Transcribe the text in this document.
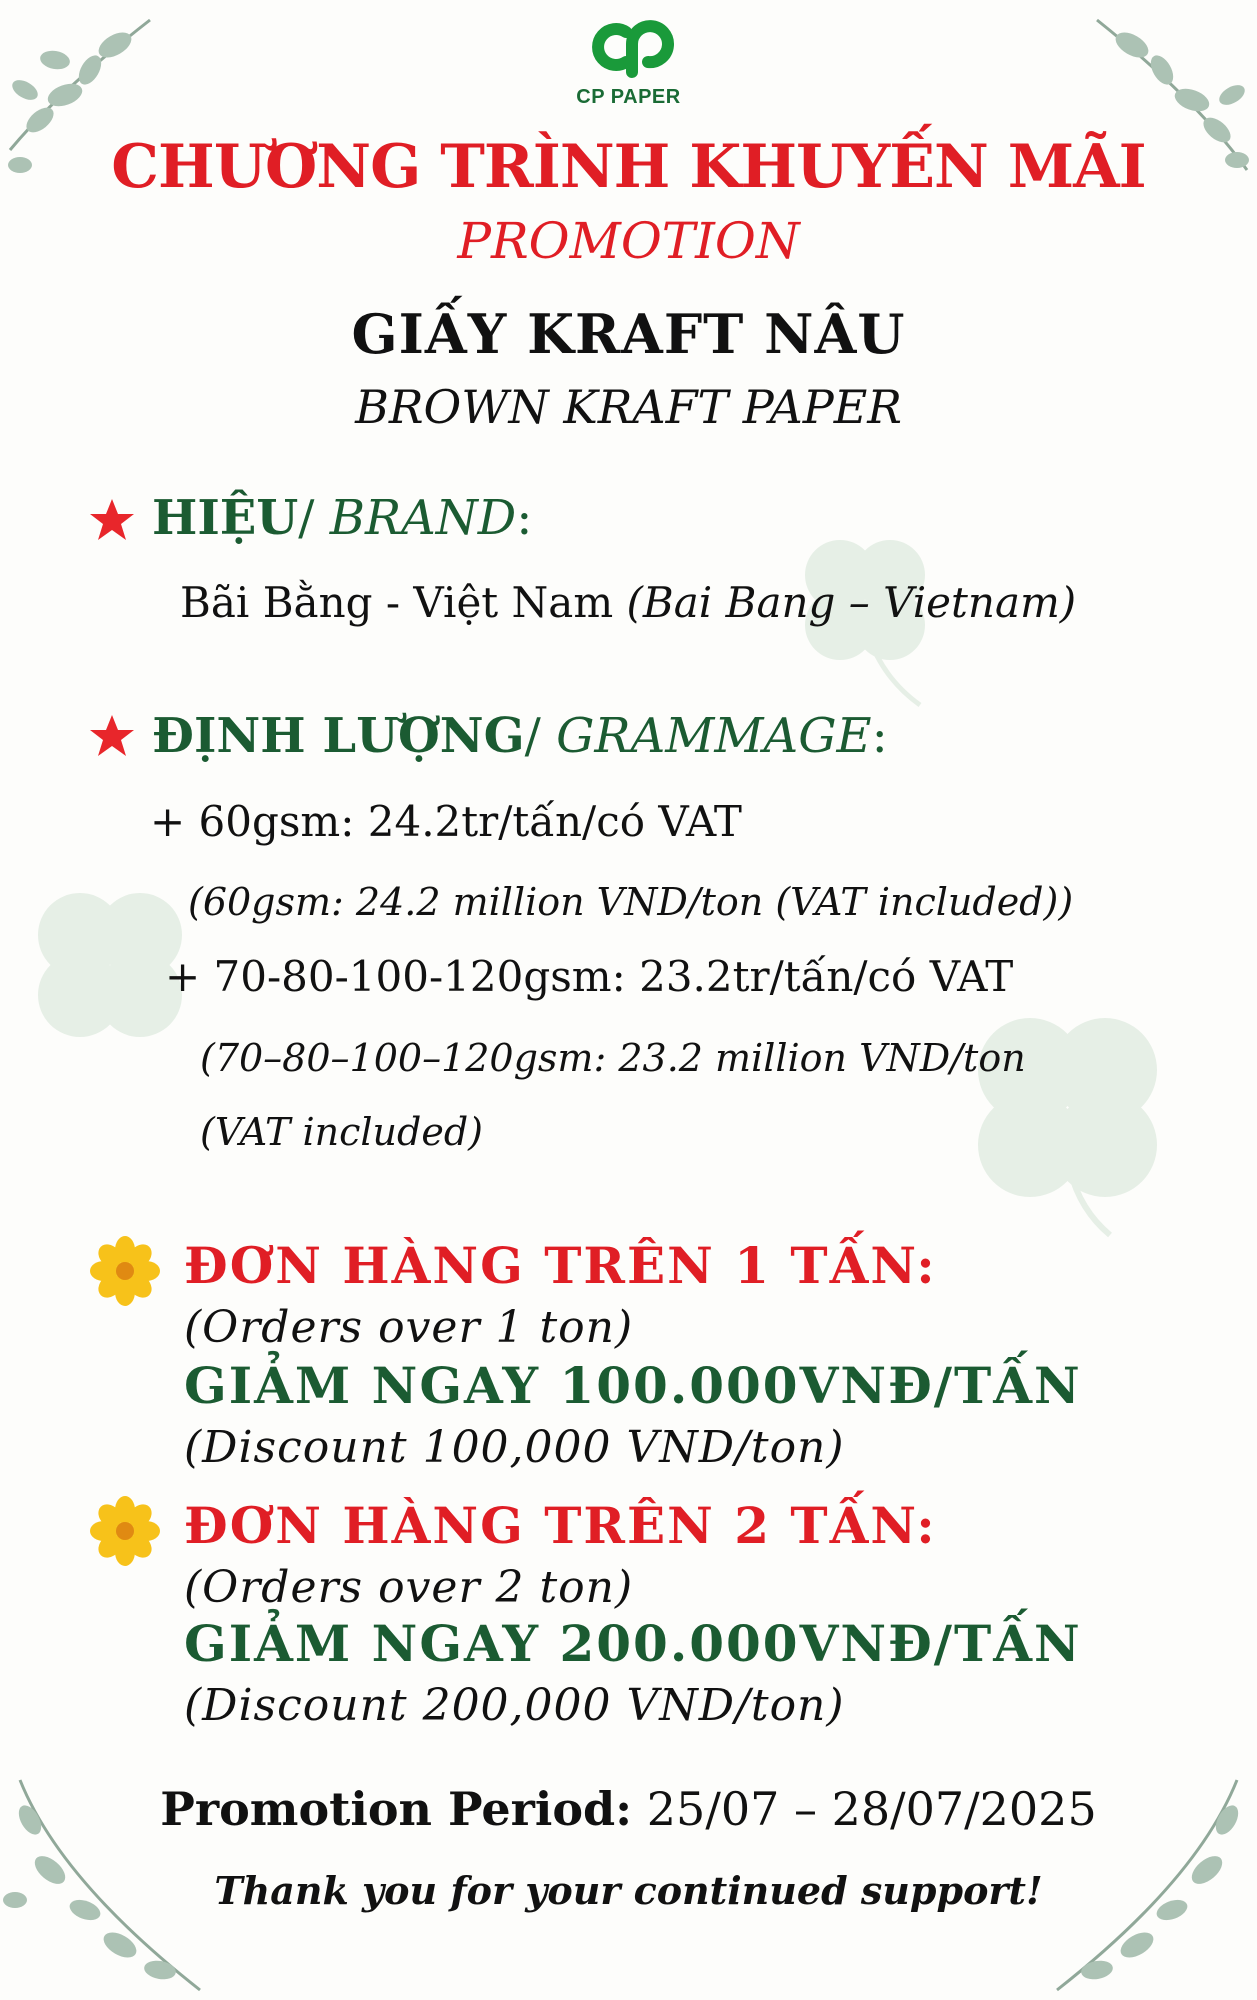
CP PAPER
CHƯƠNG TRÌNH KHUYẾN MÃI
PROMOTION
GIẤY KRAFT NÂU
BROWN KRAFT PAPER
HIỆU/ BRAND:
Bãi Bằng - Việt Nam (Bai Bang – Vietnam)
ĐỊNH LƯỢNG/ GRAMMAGE:
+ 60gsm: 24.2tr/tấn/có VAT
(60gsm: 24.2 million VND/ton (VAT included))
+ 70-80-100-120gsm: 23.2tr/tấn/có VAT
(70–80–100–120gsm: 23.2 million VND/ton
(VAT included)
ĐƠN HÀNG TRÊN 1 TẤN:
(Orders over 1 ton)
GIẢM NGAY 100.000VNĐ/TẤN
(Discount 100,000 VND/ton)
ĐƠN HÀNG TRÊN 2 TẤN:
(Orders over 2 ton)
GIẢM NGAY 200.000VNĐ/TẤN
(Discount 200,000 VND/ton)
Promotion Period: 25/07 – 28/07/2025
Thank you for your continued support!
